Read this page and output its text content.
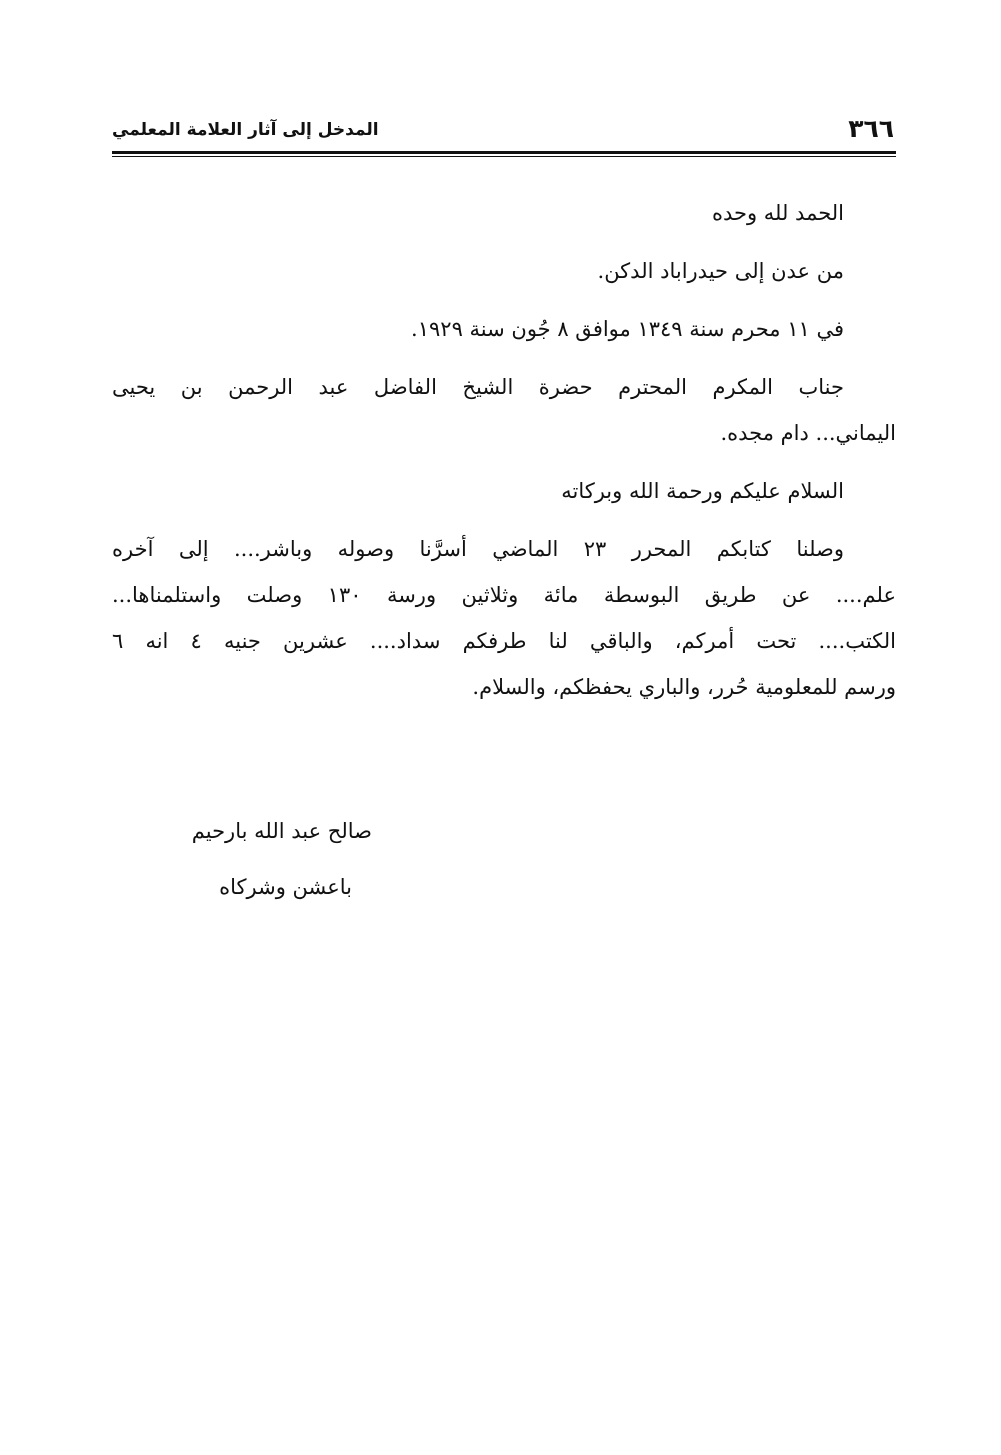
المدخل إلى آثار العلامة المعلمي	٣٦٦
الحمد لله وحده
من عدن إلى حيدراباد الدكن.
في ١١ محرم سنة ١٣٤٩ موافق ٨ جُون سنة ١٩٢٩.
جناب المكرم المحترم حضرة الشيخ الفاضل عبد الرحمن بن يحيى
اليماني... دام مجده.
السلام عليكم ورحمة الله وبركاته
وصلنا كتابكم المحرر ٢٣ الماضي أسرَّنا وصوله وباشر.... إلى آخره
علم.... عن طريق البوسطة مائة وثلاثين ورسة ١٣٠ وصلت واستلمناها...
الكتب.... تحت أمركم، والباقي لنا طرفكم سداد.... عشرين جنيه ٤ انه ٦
ورسم للمعلومية حُرر، والباري يحفظكم، والسلام.
صالح عبد الله بارحيم
باعشن وشركاه
